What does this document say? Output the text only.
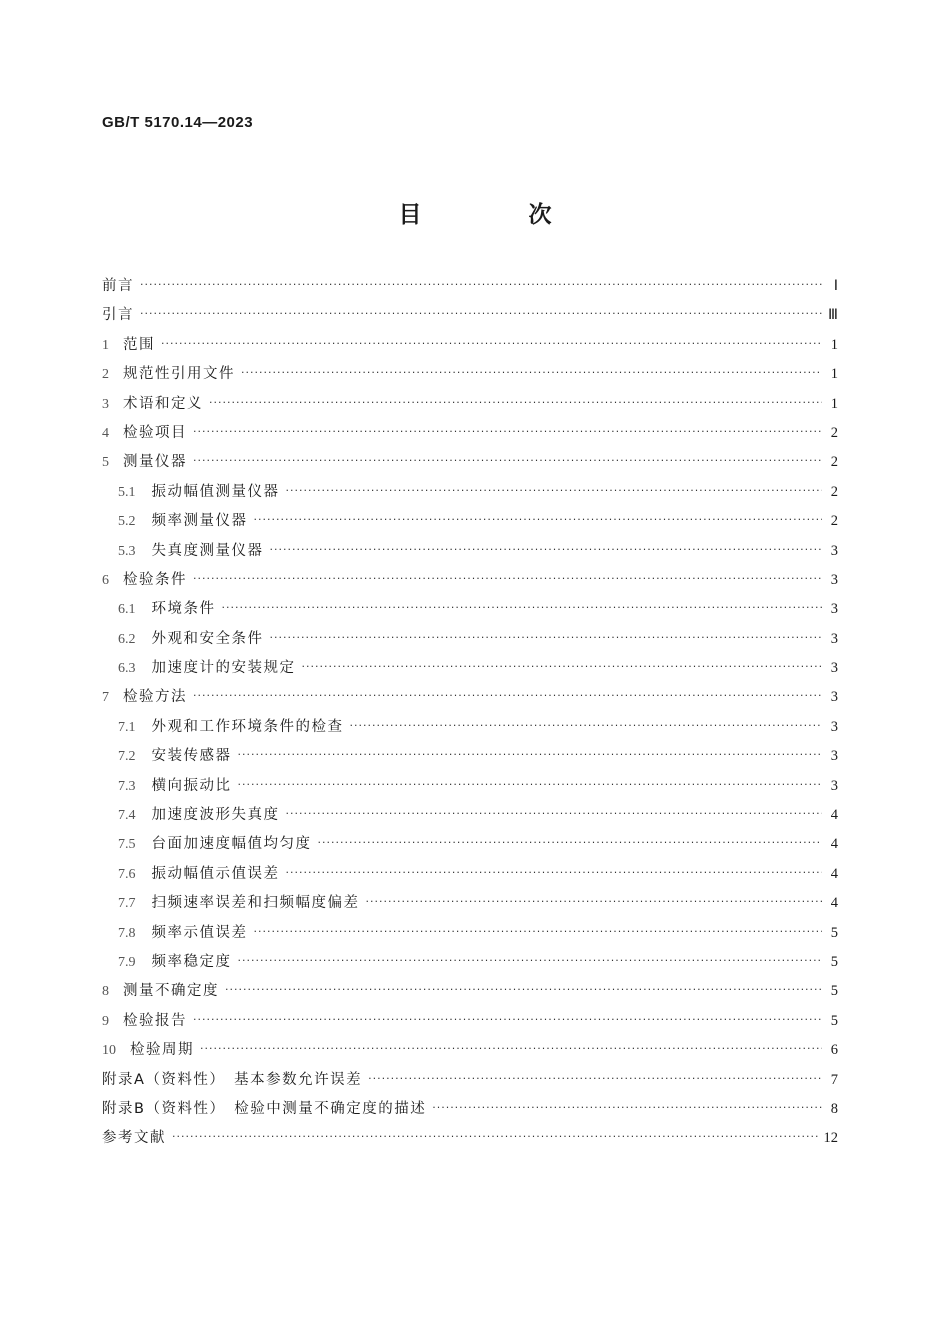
GB/T 5170.14—2023
目　次
前言 ·····	Ⅰ
引言 ·····	Ⅲ
1 范围 ·····	1
2 规范性引用文件 ·····	1
3 术语和定义 ·····	1
4 检验项目 ·····	2
5 测量仪器 ·····	2
5.1 振动幅值测量仪器 ·····	2
5.2 频率测量仪器 ·····	2
5.3 失真度测量仪器 ·····	3
6 检验条件 ·····	3
6.1 环境条件 ·····	3
6.2 外观和安全条件 ·····	3
6.3 加速度计的安装规定 ·····	3
7 检验方法 ·····	3
7.1 外观和工作环境条件的检查 ·····	3
7.2 安装传感器 ·····	3
7.3 横向振动比 ·····	3
7.4 加速度波形失真度 ·····	4
7.5 台面加速度幅值均匀度 ·····	4
7.6 振动幅值示值误差 ·····	4
7.7 扫频速率误差和扫频幅度偏差 ·····	4
7.8 频率示值误差 ·····	5
7.9 频率稳定度 ·····	5
8 测量不确定度 ·····	5
9 检验报告 ·····	5
10 检验周期 ·····	6
附录A（资料性）　基本参数允许误差 ·····	7
附录B（资料性）　检验中测量不确定度的描述 ·····	8
参考文献 ·····	12
